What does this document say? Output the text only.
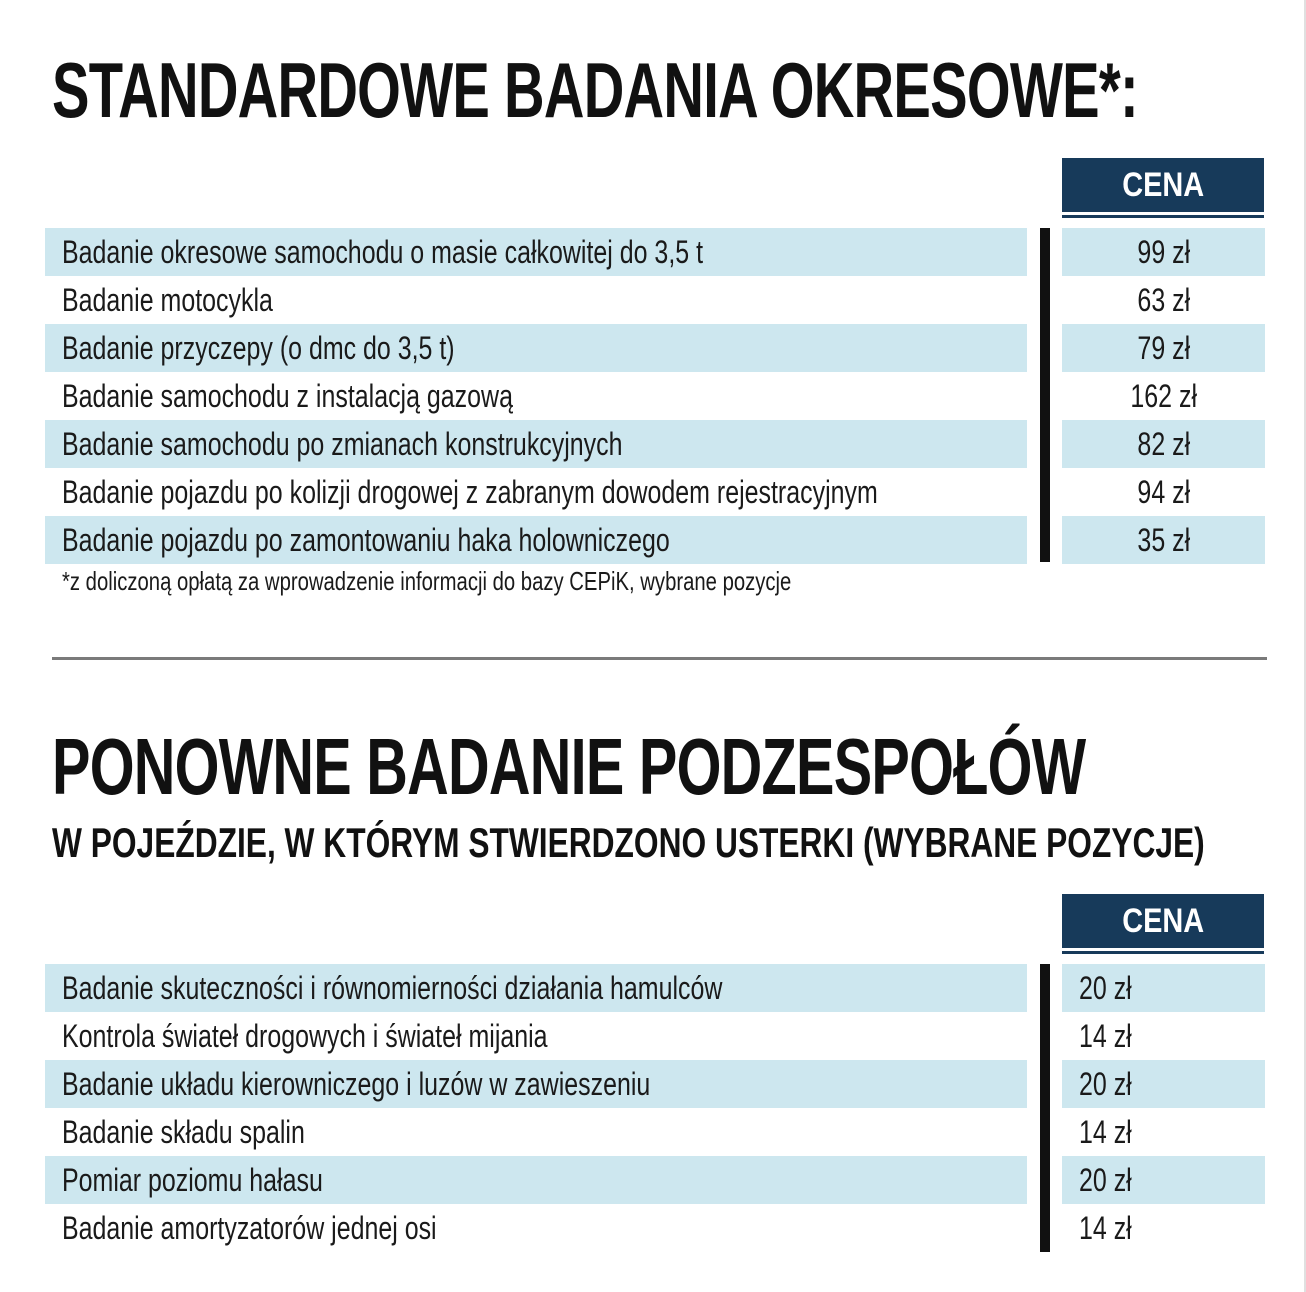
STANDARDOWE BADANIA OKRESOWE*:
CENA
Badanie okresowe samochodu o masie całkowitej do 3,5 t	99 zł
Badanie motocykla	63 zł
Badanie przyczepy (o dmc do 3,5 t)	79 zł
Badanie samochodu z instalacją gazową	162 zł
Badanie samochodu po zmianach konstrukcyjnych	82 zł
Badanie pojazdu po kolizji drogowej z zabranym dowodem rejestracyjnym	94 zł
Badanie pojazdu po zamontowaniu haka holowniczego	35 zł
*z doliczoną opłatą za wprowadzenie informacji do bazy CEPiK, wybrane pozycje
PONOWNE BADANIE PODZESPOŁÓW
W POJEŹDZIE, W KTÓRYM STWIERDZONO USTERKI (WYBRANE POZYCJE)
CENA
Badanie skuteczności i równomierności działania hamulców	20 zł
Kontrola świateł drogowych i świateł mijania	14 zł
Badanie układu kierowniczego i luzów w zawieszeniu	20 zł
Badanie składu spalin	14 zł
Pomiar poziomu hałasu	20 zł
Badanie amortyzatorów jednej osi	14 zł
